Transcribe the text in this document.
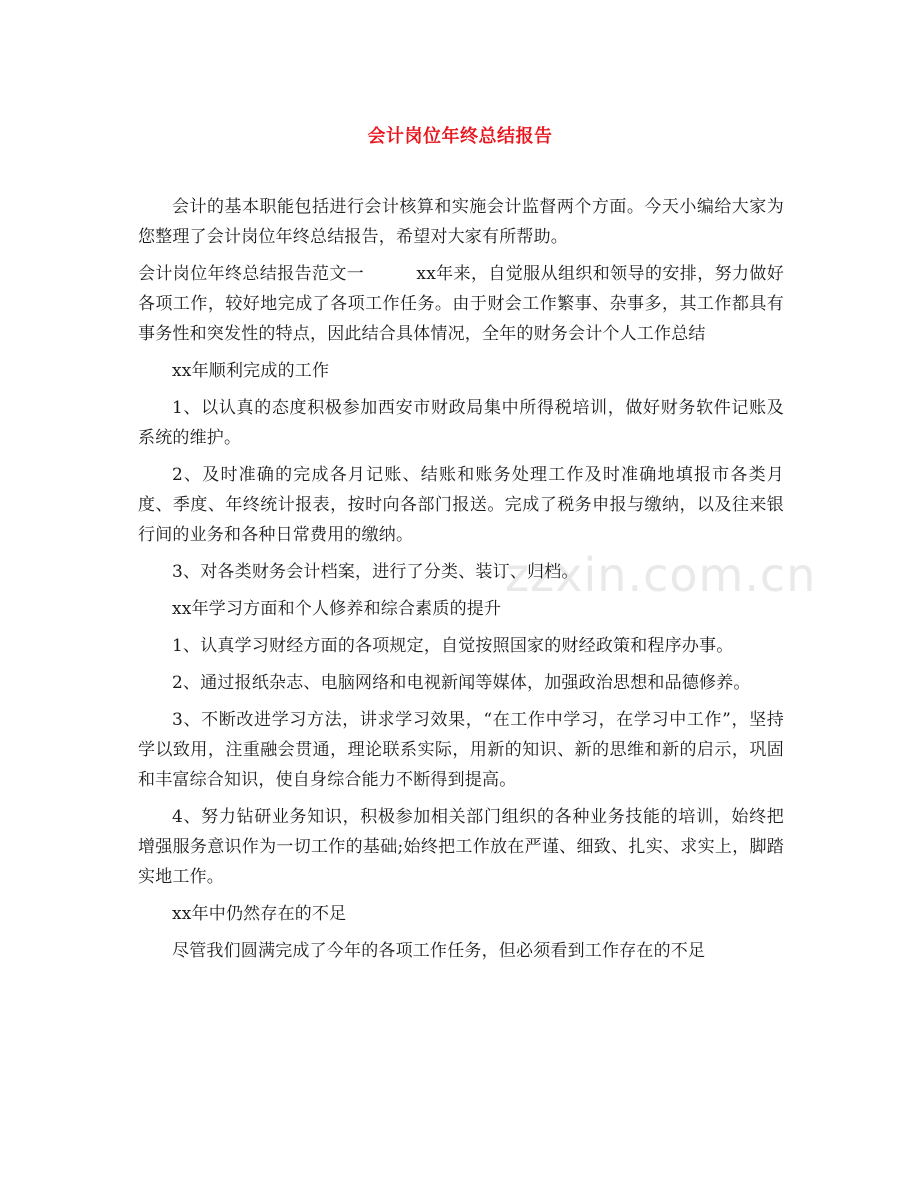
zzxin.com.cn
会计岗位年终总结报告

会计的基本职能包括进行会计核算和实施会计监督两个方面。今天小编给大家为您整理了会计岗位年终总结报告，希望对大家有所帮助。

会计岗位年终总结报告范文一　　　xx年来，自觉服从组织和领导的安排，努力做好各项工作，较好地完成了各项工作任务。由于财会工作繁事、杂事多，其工作都具有事务性和突发性的特点，因此结合具体情况，全年的财务会计个人工作总结

xx年顺利完成的工作

1、以认真的态度积极参加西安市财政局集中所得税培训，做好财务软件记账及系统的维护。

2、及时准确的完成各月记账、结账和账务处理工作及时准确地填报市各类月度、季度、年终统计报表，按时向各部门报送。完成了税务申报与缴纳，以及往来银行间的业务和各种日常费用的缴纳。

3、对各类财务会计档案，进行了分类、装订、归档。

xx年学习方面和个人修养和综合素质的提升

1、认真学习财经方面的各项规定，自觉按照国家的财经政策和程序办事。

2、通过报纸杂志、电脑网络和电视新闻等媒体，加强政治思想和品德修养。

3、不断改进学习方法，讲求学习效果，“在工作中学习，在学习中工作”，坚持学以致用，注重融会贯通，理论联系实际，用新的知识、新的思维和新的启示，巩固和丰富综合知识，使自身综合能力不断得到提高。

4、努力钻研业务知识，积极参加相关部门组织的各种业务技能的培训，始终把增强服务意识作为一切工作的基础;始终把工作放在严谨、细致、扎实、求实上，脚踏实地工作。

xx年中仍然存在的不足

尽管我们圆满完成了今年的各项工作任务，但必须看到工作存在的不足
